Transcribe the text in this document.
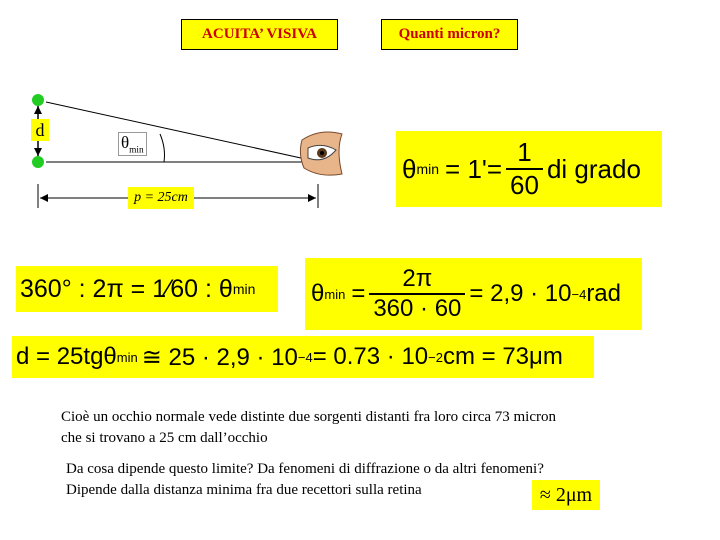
ACUITA’ VISIVA	Quanti micron?
d
$\theta_{min}$
p = 25cm
θ $\min = 1'= \frac{1}{60}$ di grado
360° : 2π = 1⁄60 : θ min θ $\min = \frac{2\pi}{360 \cdot 60} = 2,9 \cdot 10 -4$ rad
d = 25tgθ min ≅ 25 · 2,9 · 10 −4 = 0.73 · 10 −2 cm = 73μm
Cioè un occhio normale vede distinte due sorgenti distanti fra loro circa 73 micron
che si trovano a 25 cm dall’occhio
Da cosa dipende questo limite? Da fenomeni di diffrazione o da altri fenomeni?
Dipende dalla distanza minima fra due recettori sulla retina	≈ 2μm
